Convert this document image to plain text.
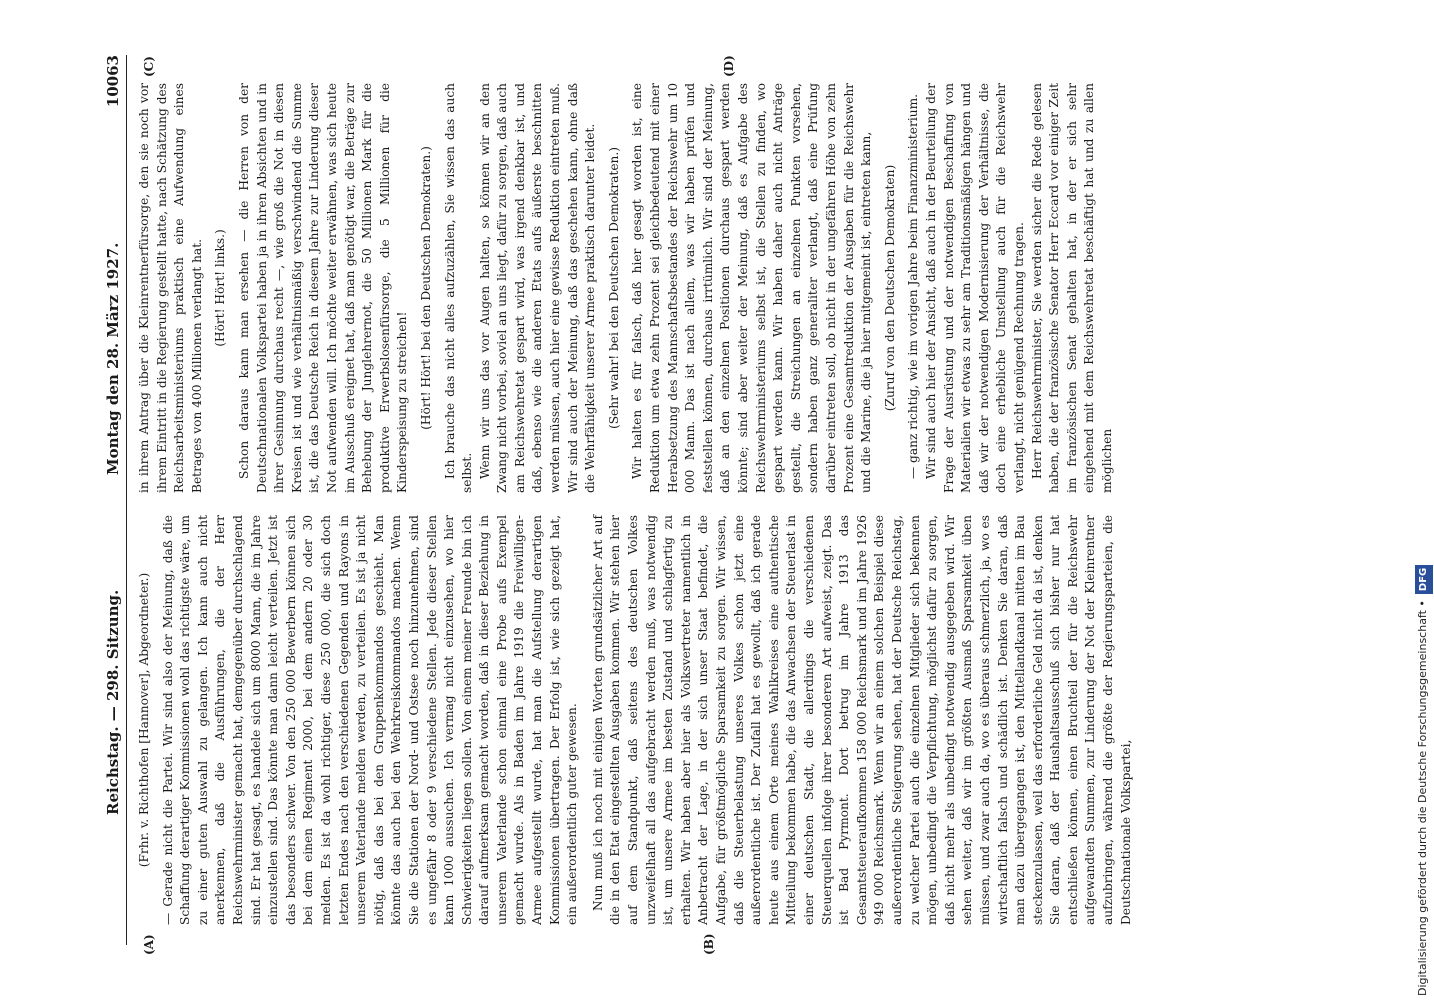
Reichstag. — 298. Sitzung.
Montag den 28. März 1927.
10063
(A)	(B)
(C)	(D)

(Frhr. v. Richthofen [Hannover], Abgeordneter.) — Gerade nicht die Partei. Wir sind also der Meinung, daß die Schaffung derartiger Kommissionen wohl das richtigste wäre, um zu einer guten Auswahl zu gelangen. Ich kann auch nicht anerkennen, daß die Ausführungen, die der Herr Reichswehrminister gemacht hat, demgegenüber durchschlagend sind. Er hat gesagt, es handele sich um 8000 Mann, die im Jahre einzustellen sind. Das könnte man dann leicht verteilen. Jetzt ist das besonders schwer. Von den 250 000 Bewerbern können sich bei dem einen Regiment 2000, bei dem andern 20 oder 30 melden. Es ist da wohl richtiger, diese 250 000, die sich doch letzten Endes nach den verschiedenen Gegenden und Rayons in unserem Vaterlande melden werden, zu verteilen. Es ist ja nicht nötig, daß das bei den Gruppenkommandos geschieht. Man könnte das auch bei den Wehrkreiskommandos machen. Wenn Sie die Stationen der Nord- und Ostsee noch hinzunehmen, sind es ungefähr 8 oder 9 verschiedene Stellen. Jede dieser Stellen kann 1000 aussuchen. Ich vermag nicht einzusehen, wo hier Schwierigkeiten liegen sollen. Von einem meiner Freunde bin ich darauf aufmerksam gemacht worden, daß in dieser Beziehung in unserem Vaterlande schon einmal eine Probe aufs Exempel gemacht wurde. Als in Baden im Jahre 1919 die Freiwilligen-Armee aufgestellt wurde, hat man die Aufstellung derartigen Kommissionen übertragen. Der Erfolg ist, wie sich gezeigt hat, ein außerordentlich guter gewesen. Nun muß ich noch mit einigen Worten grundsätzlicher Art auf die in den Etat eingestellten Ausgaben kommen. Wir stehen hier auf dem Standpunkt, daß seitens des deutschen Volkes unzweifelhaft all das aufgebracht werden muß, was notwendig ist, um unsere Armee im besten Zustand und schlagfertig zu erhalten. Wir haben aber hier als Volksvertreter namentlich in Anbetracht der Lage, in der sich unser Staat befindet, die Aufgabe, für größtmögliche Sparsamkeit zu sorgen. Wir wissen, daß die Steuerbelastung unseres Volkes schon jetzt eine außerordentliche ist. Der Zufall hat es gewollt, daß ich gerade heute aus einem Orte meines Wahlkreises eine authentische Mitteilung bekommen habe, die das Anwachsen der Steuerlast in einer deutschen Stadt, die allerdings die verschiedenen Steuerquellen infolge ihrer besonderen Art aufweist, zeigt. Das ist Bad Pyrmont. Dort betrug im Jahre 1913 das Gesamtsteueraufkommen 158 000 Reichsmark und im Jahre 1926 949 000 Reichsmark. Wenn wir an einem solchen Beispiel diese außerordentliche Steigerung sehen, hat der Deutsche Reichstag, zu welcher Partei auch die einzelnen Mitglieder sich bekennen mögen, unbedingt die Verpflichtung, möglichst dafür zu sorgen, daß nicht mehr als unbedingt notwendig ausgegeben wird. Wir sehen weiter, daß wir im größten Ausmaß Sparsamkeit üben müssen, und zwar auch da, wo es überaus schmerzlich, ja, wo es wirtschaftlich falsch und schädlich ist. Denken Sie daran, daß man dazu übergegangen ist, den Mittellandkanal mitten im Bau steckenzulassen, weil das erforderliche Geld nicht da ist, denken Sie daran, daß der Haushaltsausschuß sich bisher nur hat entschließen können, einen Bruchteil der für die Reichswehr aufgewandten Summen, zur Linderung der Not der Kleinrentner aufzubringen, während die größte der Regierungsparteien, die Deutschnationale Volkspartei,

in ihrem Antrag über die Kleinrentnerfürsorge, den sie noch vor ihrem Eintritt in die Regierung gestellt hatte, nach Schätzung des Reichsarbeitsministeriums praktisch eine Aufwendung eines Betrages von 400 Millionen verlangt hat. (Hört! Hört! links.) Schon daraus kann man ersehen — die Herren von der Deutschnationalen Volkspartei haben ja in ihren Absichten und in ihrer Gesinnung durchaus recht —, wie groß die Not in diesen Kreisen ist und wie verhältnismäßig verschwindend die Summe ist, die das Deutsche Reich in diesem Jahre zur Linderung dieser Not aufwenden will. Ich möchte weiter erwähnen, was sich heute im Ausschuß ereignet hat, daß man genötigt war, die Beträge zur Behebung der Junglehrernot, die 50 Millionen Mark für die produktive Erwerbslosenfürsorge, die 5 Millionen für die Kinderspeisung zu streichen! (Hört! Hört! bei den Deutschen Demokraten.) Ich brauche das nicht alles aufzuzählen, Sie wissen das auch selbst. Wenn wir uns das vor Augen halten, so können wir an den Zwang nicht vorbei, soviel an uns liegt, dafür zu sorgen, daß auch am Reichswehretat gespart wird, was irgend denkbar ist, und daß, ebenso wie die anderen Etats aufs äußerste beschnitten werden müssen, auch hier eine gewisse Reduktion eintreten muß. Wir sind auch der Meinung, daß das geschehen kann, ohne daß die Wehrfähigkeit unserer Armee praktisch darunter leidet. (Sehr wahr! bei den Deutschen Demokraten.) Wir halten es für falsch, daß hier gesagt worden ist, eine Reduktion um etwa zehn Prozent sei gleichbedeutend mit einer Herabsetzung des Mannschaftsbestandes der Reichswehr um 10 000 Mann. Das ist nach allem, was wir haben prüfen und feststellen können, durchaus irrtümlich. Wir sind der Meinung, daß an den einzelnen Positionen durchaus gespart werden könnte; sind aber weiter der Meinung, daß es Aufgabe des Reichswehrministeriums selbst ist, die Stellen zu finden, wo gespart werden kann. Wir haben daher auch nicht Anträge gestellt, die Streichungen an einzelnen Punkten vorsehen, sondern haben ganz generaliter verlangt, daß eine Prüfung darüber eintreten soll, ob nicht in der ungefähren Höhe von zehn Prozent eine Gesamtreduktion der Ausgaben für die Reichswehr und die Marine, die ja hier mitgemeint ist, eintreten kann, (Zuruf von den Deutschen Demokraten) — ganz richtig, wie im vorigen Jahre beim Finanzministerium. Wir sind auch hier der Ansicht, daß auch in der Beurteilung der Frage der Ausrüstung und der notwendigen Beschaffung von Materialien wir etwas zu sehr am Traditionsmäßigen hängen und daß wir der notwendigen Modernisierung der Verhältnisse, die doch eine erhebliche Umstellung auch für die Reichswehr verlangt, nicht genügend Rechnung tragen. Herr Reichswehrminister, Sie werden sicher die Rede gelesen haben, die der französische Senator Herr Eccard vor einiger Zeit im französischen Senat gehalten hat, in der er sich sehr eingehend mit dem Reichswehretat beschäftigt hat und zu allen möglichen

Digitalisierung gefördert durch die Deutsche Forschungsgemeinschaft •DFG
